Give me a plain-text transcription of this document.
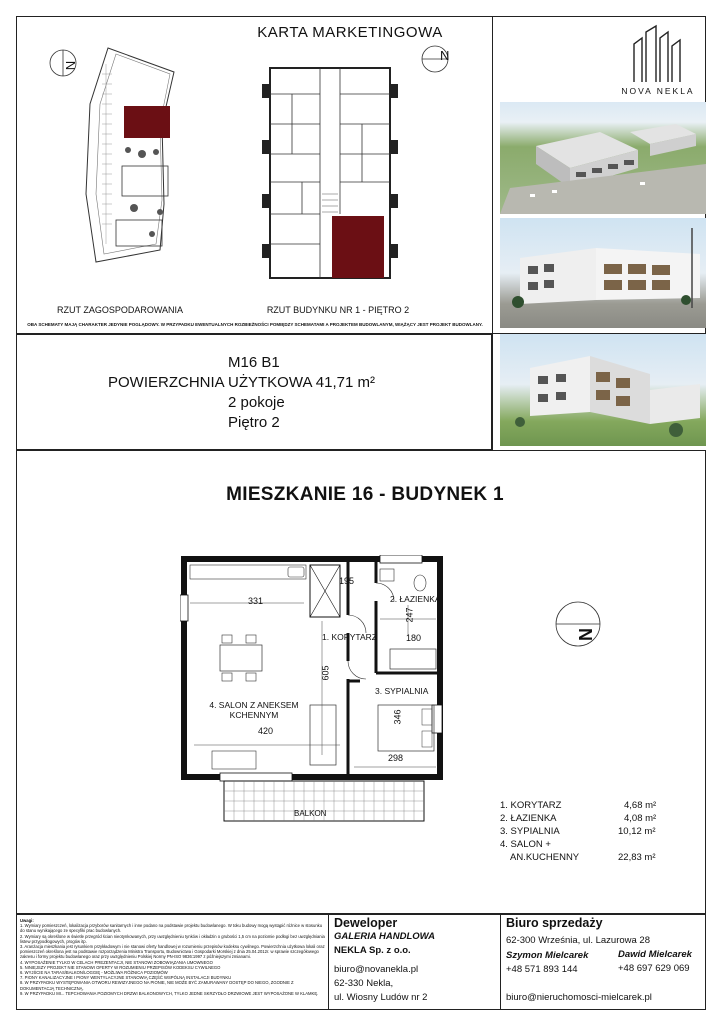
KARTA MARKETINGOWA
N
N
RZUT ZAGOSPODAROWANIA	RZUT BUDYNKU NR 1 - PIĘTRO 2
OBA SCHEMATY MAJĄ CHARAKTER JEDYNIE POGLĄDOWY. W PRZYPADKU EWENTUALNYCH ROZBIEŻNOŚCI POMIĘDZY SCHEMATAMI A PROJEKTEM BUDOWLANYM, WIĄŻĄCY JEST PROJEKT BUDOWLANY.
NOVA NEKLA
M16 B1
POWIERZCHNIA UŻYTKOWA 41,71 m²
2 pokoje
Piętro 2
MIESZKANIE 16 - BUDYNEK 1
1. KORYTARZ
2. ŁAZIENKA
3. SYPIALNIA
4. SALON Z ANEKSEM KCHENNYM
331
195
247
180
605
346
420
298
BALKON
N
1. KORYTARZ	4,68 m²
2. ŁAZIENKA	4,08 m²
3. SYPIALNIA	10,12 m²
4. SALON +
AN.KUCHENNY	22,83 m²
Uwagi:
1. Wymiary pomieszczeń, lokalizacja przyborów sanitarnych i inne podano na podstawie projektu budowlanego. W toku budowy mogą wystąpić różnice w stosunku do stanu wynikającego ze specyfiki prac budowlanych.
2. Wymiary są określone w świetle przegród ścian nieotynkowanych, przy uwzględnieniu tynków i okładzin o grubości 1,5 cm na poziomie podłogi bez uwzględniania listew przypodłogowych, progów itp.
3. Aranżacja mieszkania jest rysunkiem przykładowym i nie stanowi oferty handlowej w rozumieniu przepisów kodeksu cywilnego. Powierzchnia użytkowa lokali oraz pomieszczeń określona jest na podstawie rozporządzenia Ministra Transportu, Budownictwa i Gospodarki Morskiej z dnia 25.04.2012r. w sprawie szczegółowego zakresu i formy projektu budowlanego oraz przy uwzględnieniu Polskiej Normy PN-ISO 9836:1997 z późniejszymi zmianami.
4. WYPOSAŻENIE TYLKO W CELACH PREZENTACJI, NIE STANOWI ZOBOWIĄZANIA UMOWNEGO
5. NINIEJSZY PROJEKT NIE STANOWI OFERTY W ROZUMIENIU PRZEPISÓW KODEKSU CYWILNEGO
6. WYJŚCIE NA TARAS/BALKON/LOGGIĘ - MOŻLIWA RÓŻNICA POZIOMÓW
7. PIONY KANALIZACYJNE I PIONY WENTYLACYJNE STANOWIĄ CZĘŚĆ WSPÓLNĄ INSTALACJI BUDYNKU
8. W PRZYPADKU WYSTĘPOWANIA OTWORU REWIZYJNEGO NA PIONIE, NIE MOŻE BYĆ ZAMURAWANY DOSTĘP DO NIEGO, ZGODNIE Z DOKUMENTACJĄ TECHNICZNĄ.
9. W PRZYPADKU MI... TEPCHOWANIA POZIOMYCH DRZWI BALKONOWYCH, TYLKO JEDNE SKRZYDŁO DRZWIOWE JEST WYPOSAŻONE W KLAMKĘ.
Deweloper
GALERIA HANDLOWA
NEKLA Sp. z o.o.
biuro@novanekla.pl
62-330 Nekla,
ul. Wiosny Ludów nr 2
Biuro sprzedaży
62-300 Września, ul. Lazurowa 28
Szymon Mielcarek
+48 571 893 144
Dawid Mielcarek
+48 697 629 069
biuro@nieruchomosci-mielcarek.pl
